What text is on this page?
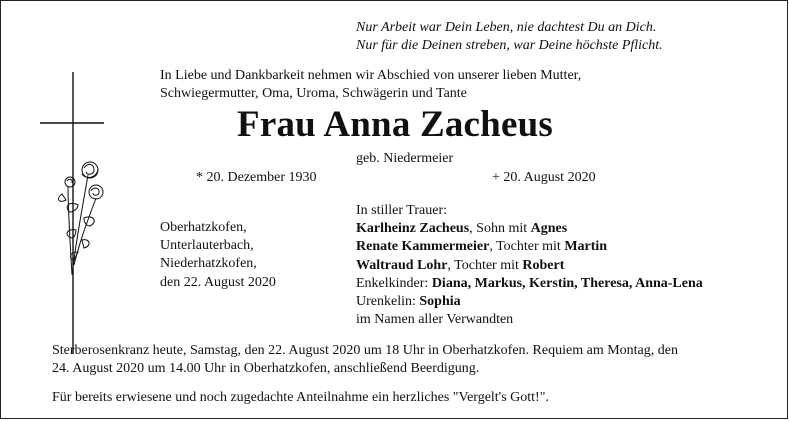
Nur Arbeit war Dein Leben, nie dachtest Du an Dich.
Nur für die Deinen streben, war Deine höchste Pflicht.
In Liebe und Dankbarkeit nehmen wir Abschied von unserer lieben Mutter,
Schwiegermutter, Oma, Uroma, Schwägerin und Tante
Frau Anna Zacheus
geb. Niedermeier
* 20. Dezember 1930	+ 20. August 2020
Oberhatzkofen,
Unterlauterbach,
Niederhatzkofen,
den 22. August 2020
In stiller Trauer:
Karlheinz Zacheus, Sohn mit Agnes
Renate Kammermeier, Tochter mit Martin
Waltraud Lohr, Tochter mit Robert
Enkelkinder: Diana, Markus, Kerstin, Theresa, Anna-Lena
Urenkelin: Sophia
im Namen aller Verwandten
Sterberosenkranz heute, Samstag, den 22. August 2020 um 18 Uhr in Oberhatzkofen. Requiem am Montag, den
24. August 2020 um 14.00 Uhr in Oberhatzkofen, anschließend Beerdigung.
Für bereits erwiesene und noch zugedachte Anteilnahme ein herzliches "Vergelt's Gott!".
